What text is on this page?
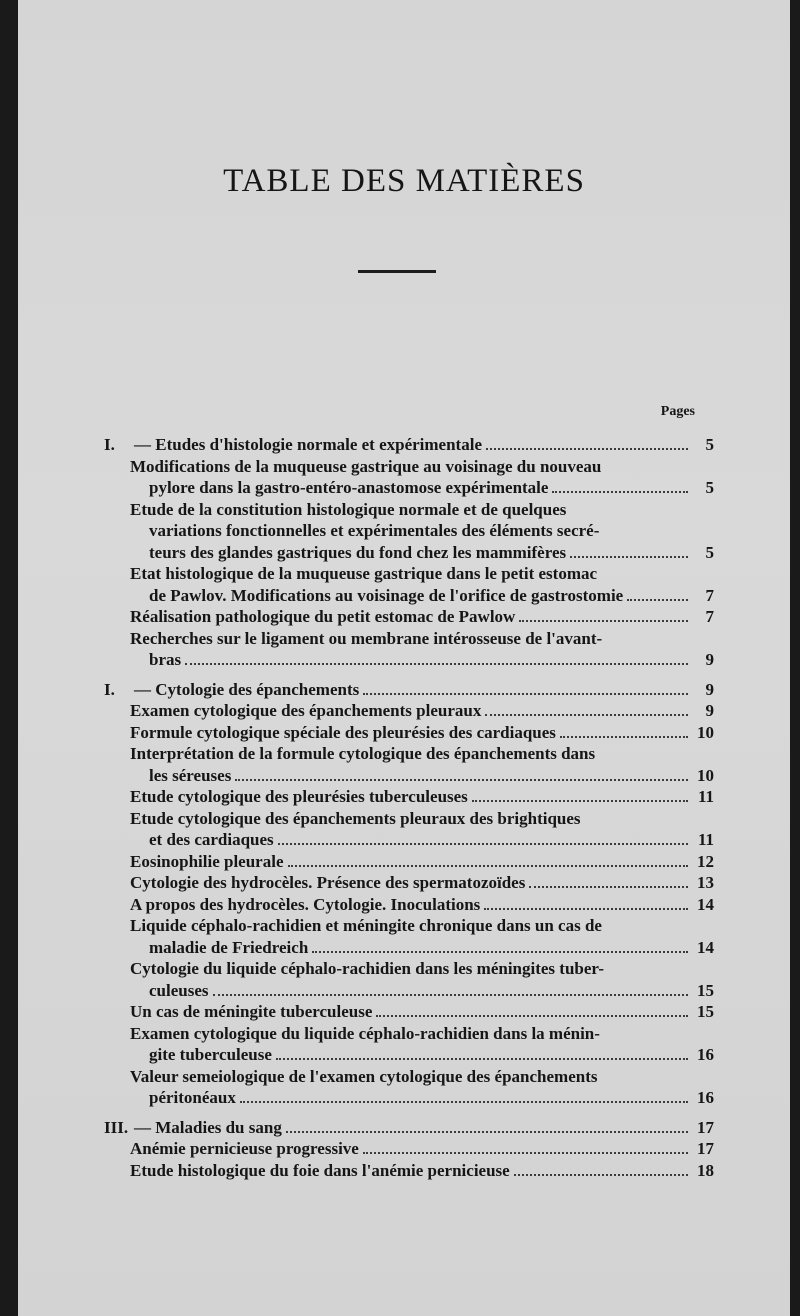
TABLE DES MATIÈRES
Pages
I.	— Etudes d'histologie normale et expérimentale	5
Modifications de la muqueuse gastrique au voisinage du nouveau
pylore dans la gastro-entéro-anastomose expérimentale	5
Etude de la constitution histologique normale et de quelques
variations fonctionnelles et expérimentales des éléments secré-
teurs des glandes gastriques du fond chez les mammifères	5
Etat histologique de la muqueuse gastrique dans le petit estomac
de Pawlov. Modifications au voisinage de l'orifice de gastrostomie	7
Réalisation pathologique du petit estomac de Pawlow	7
Recherches sur le ligament ou membrane intérosseuse de l'avant-
bras	9
I.	— Cytologie des épanchements	9
Examen cytologique des épanchements pleuraux	9
Formule cytologique spéciale des pleurésies des cardiaques	10
Interprétation de la formule cytologique des épanchements dans
les séreuses	10
Etude cytologique des pleurésies tuberculeuses	11
Etude cytologique des épanchements pleuraux des brightiques
et des cardiaques	11
Eosinophilie pleurale	12
Cytologie des hydrocèles. Présence des spermatozoïdes	13
A propos des hydrocèles. Cytologie. Inoculations	14
Liquide céphalo-rachidien et méningite chronique dans un cas de
maladie de Friedreich	14
Cytologie du liquide céphalo-rachidien dans les méningites tuber-
culeuses	15
Un cas de méningite tuberculeuse	15
Examen cytologique du liquide céphalo-rachidien dans la ménin-
gite tuberculeuse	16
Valeur semeiologique de l'examen cytologique des épanchements
péritonéaux	16
III. — Maladies du sang	17
Anémie pernicieuse progressive	17
Etude histologique du foie dans l'anémie pernicieuse	18
